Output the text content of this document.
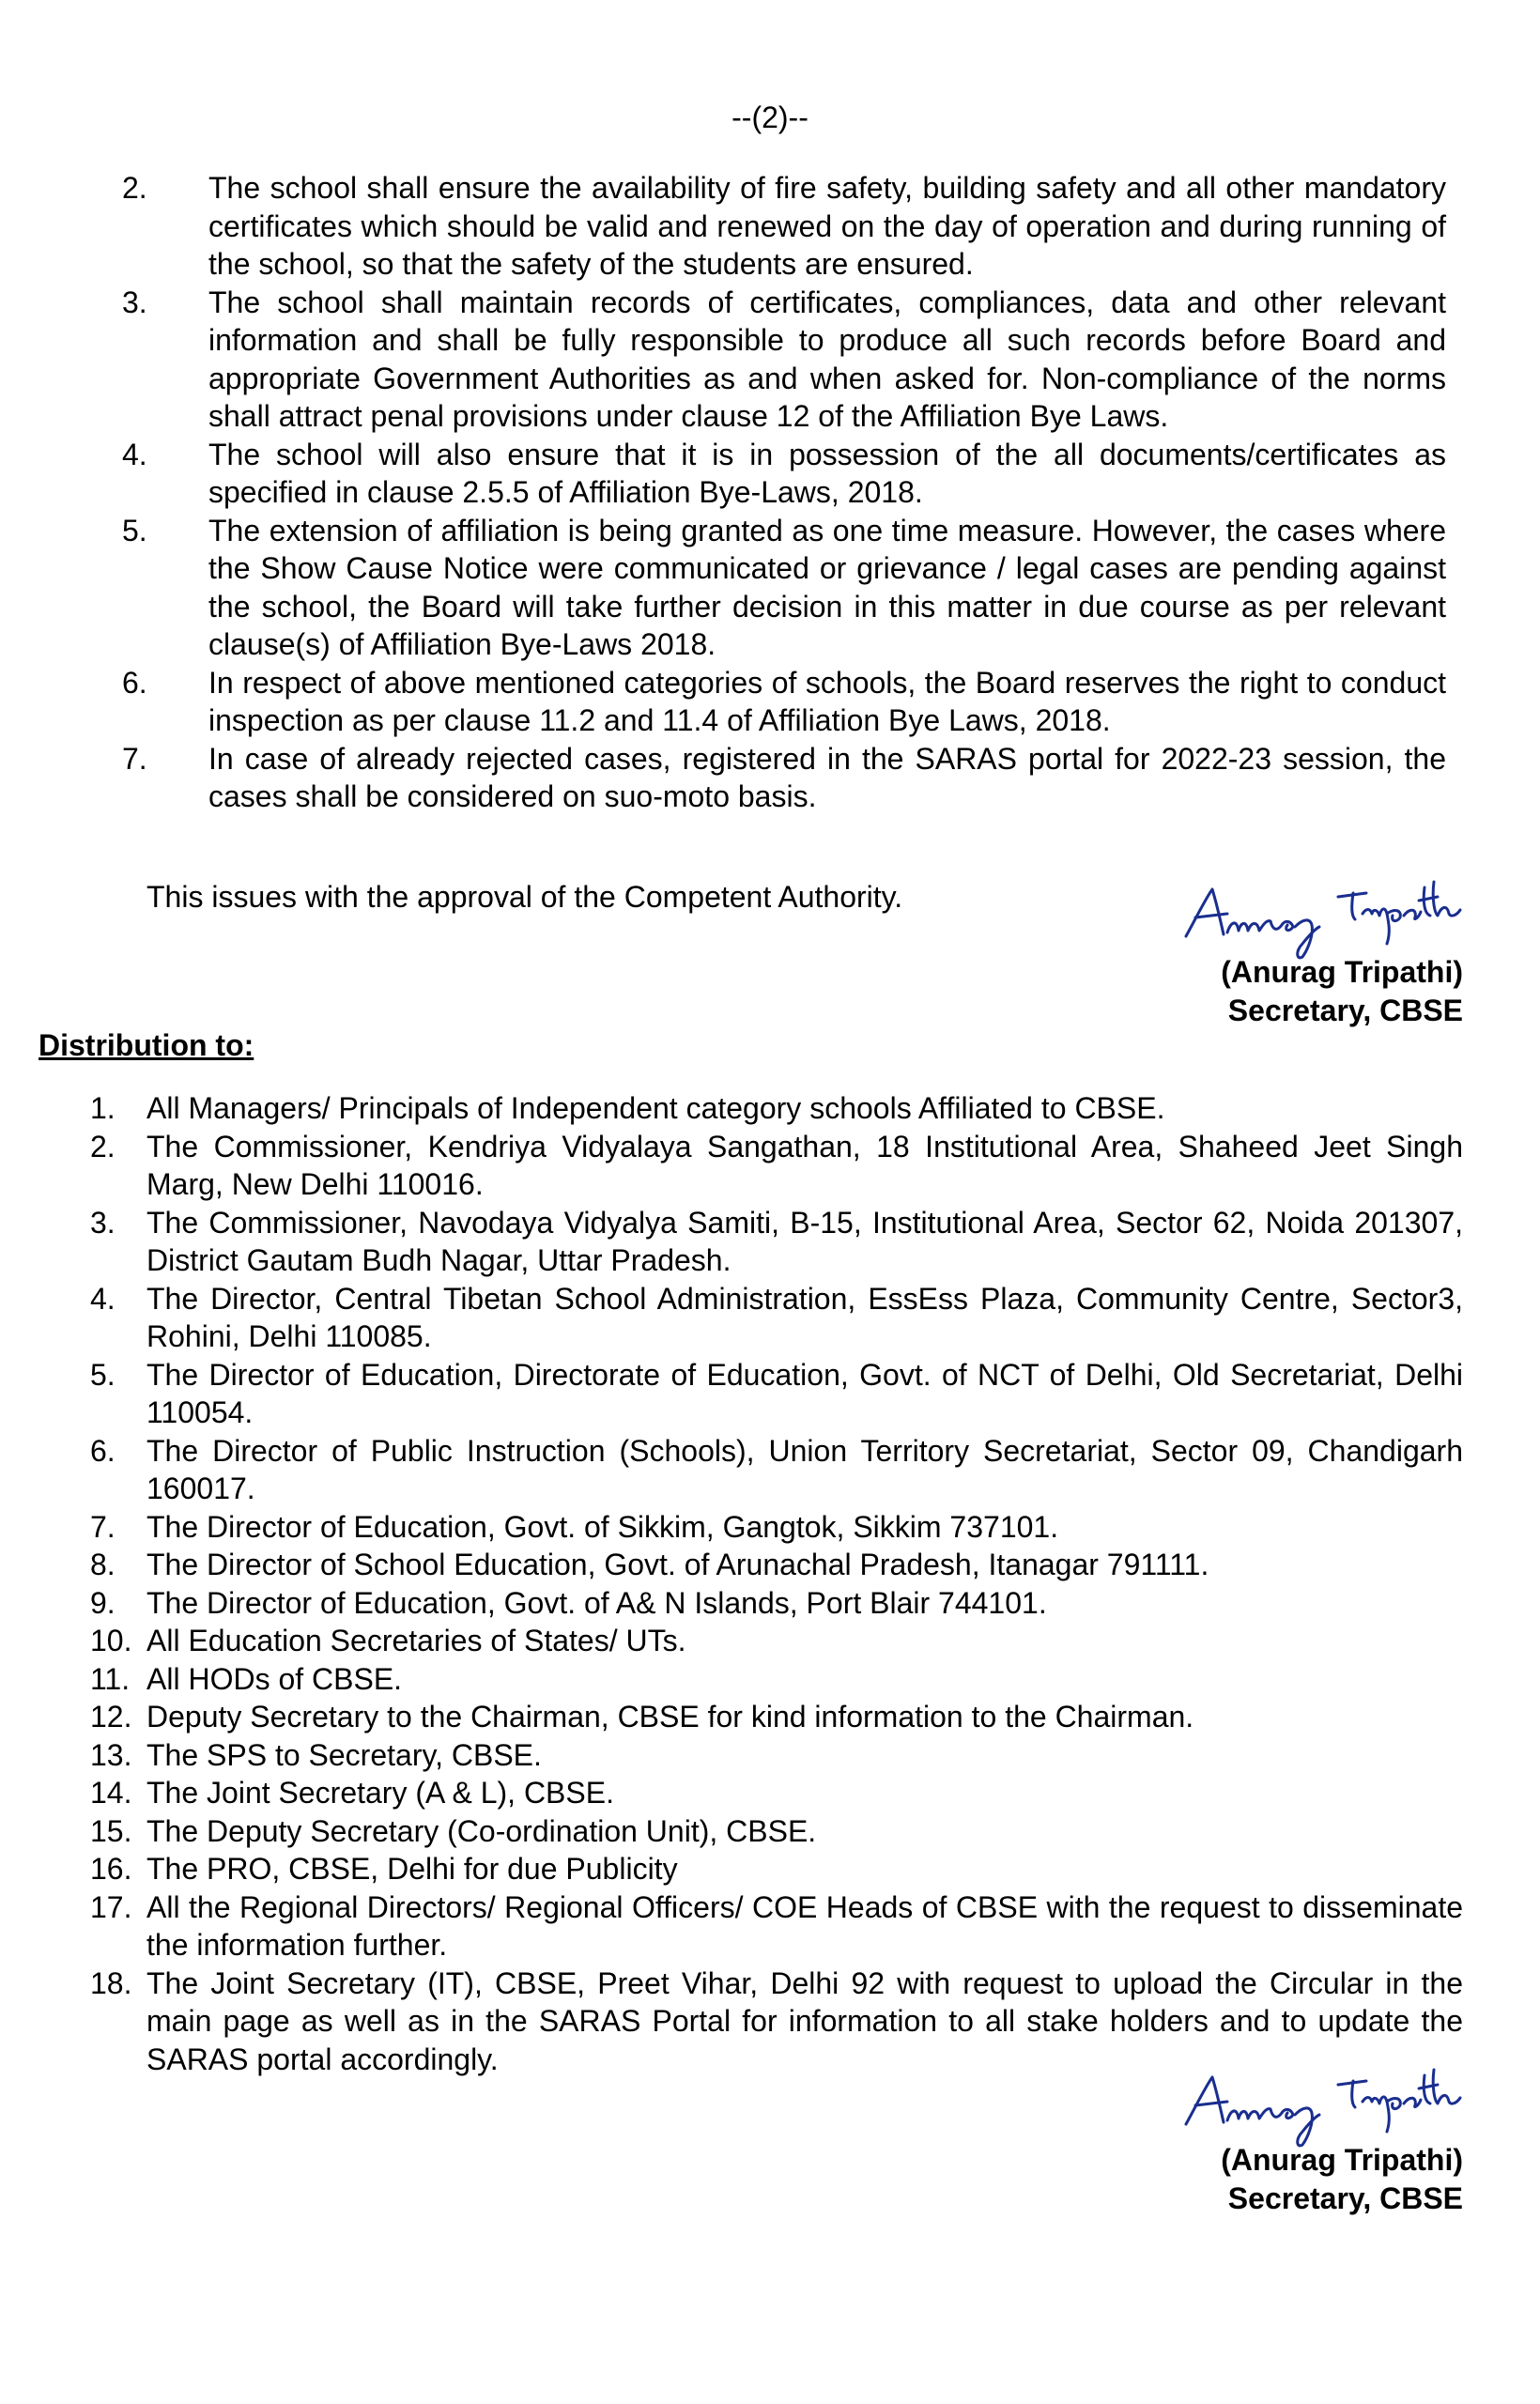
--(2)--
2. The school shall ensure the availability of fire safety, building safety and all other mandatory certificates which should be valid and renewed on the day of operation and during running of the school, so that the safety of the students are ensured.
3. The school shall maintain records of certificates, compliances, data and other relevant information and shall be fully responsible to produce all such records before Board and appropriate Government Authorities as and when asked for. Non-compliance of the norms shall attract penal provisions under clause 12 of the Affiliation Bye Laws.
4. The school will also ensure that it is in possession of the all documents/certificates as specified in clause 2.5.5 of Affiliation Bye-Laws, 2018.
5. The extension of affiliation is being granted as one time measure. However, the cases where the Show Cause Notice were communicated or grievance / legal cases are pending against the school, the Board will take further decision in this matter in due course as per relevant clause(s) of Affiliation Bye-Laws 2018.
6. In respect of above mentioned categories of schools, the Board reserves the right to conduct inspection as per clause 11.2 and 11.4 of Affiliation Bye Laws, 2018.
7. In case of already rejected cases, registered in the SARAS portal for 2022-23 session, the cases shall be considered on suo-moto basis.
This issues with the approval of the Competent Authority.
(Anurag Tripathi)
Secretary, CBSE
Distribution to:
1. All Managers/ Principals of Independent category schools Affiliated to CBSE.
2. The Commissioner, Kendriya Vidyalaya Sangathan, 18 Institutional Area, Shaheed Jeet Singh Marg, New Delhi 110016.
3. The Commissioner, Navodaya Vidyalya Samiti, B-15, Institutional Area, Sector 62, Noida 201307, District Gautam Budh Nagar, Uttar Pradesh.
4. The Director, Central Tibetan School Administration, EssEss Plaza, Community Centre, Sector3, Rohini, Delhi 110085.
5. The Director of Education, Directorate of Education, Govt. of NCT of Delhi, Old Secretariat, Delhi 110054.
6. The Director of Public Instruction (Schools), Union Territory Secretariat, Sector 09, Chandigarh 160017.
7. The Director of Education, Govt. of Sikkim, Gangtok, Sikkim 737101.
8. The Director of School Education, Govt. of Arunachal Pradesh, Itanagar 791111.
9. The Director of Education, Govt. of A& N Islands, Port Blair 744101.
10. All Education Secretaries of States/ UTs.
11. All HODs of CBSE.
12. Deputy Secretary to the Chairman, CBSE for kind information to the Chairman.
13. The SPS to Secretary, CBSE.
14. The Joint Secretary (A & L), CBSE.
15. The Deputy Secretary (Co-ordination Unit), CBSE.
16. The PRO, CBSE, Delhi for due Publicity
17. All the Regional Directors/ Regional Officers/ COE Heads of CBSE with the request to disseminate the information further.
18. The Joint Secretary (IT), CBSE, Preet Vihar, Delhi 92 with request to upload the Circular in the main page as well as in the SARAS Portal for information to all stake holders and to update the SARAS portal accordingly.
(Anurag Tripathi)
Secretary, CBSE
